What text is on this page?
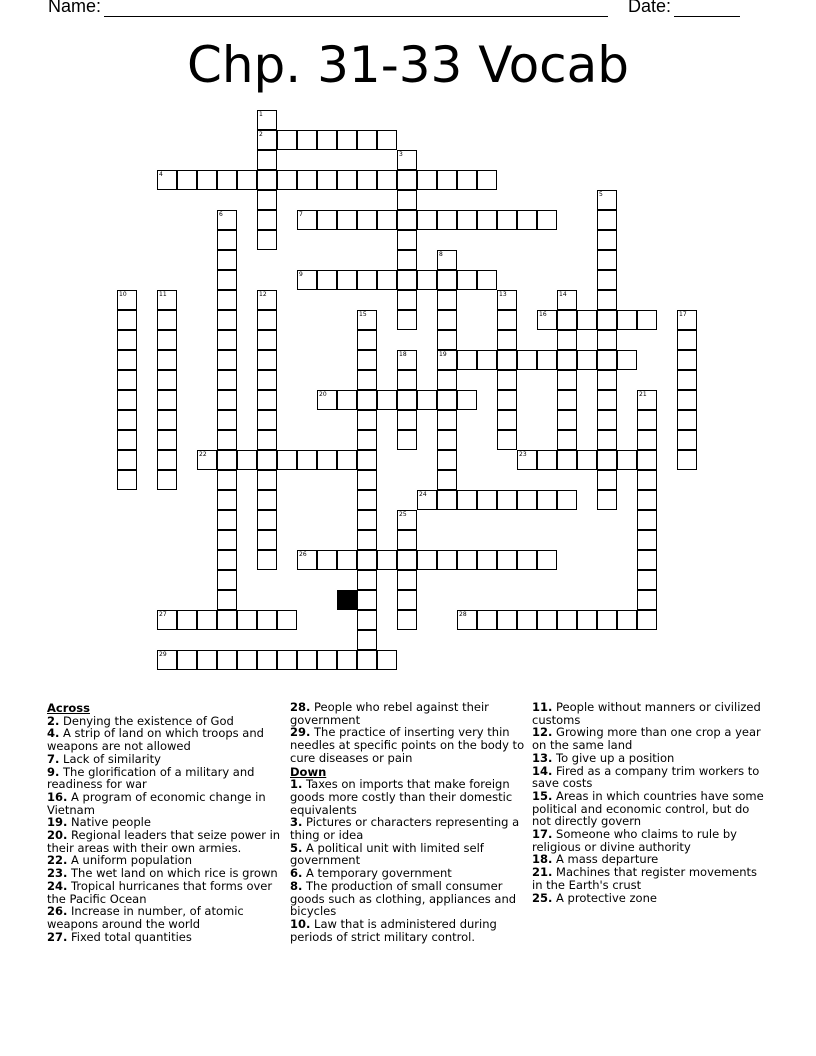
Name:	Date:
Chp. 31-33 Vocab
1
2
3
4
5
6	7
8
19
9
10	11	12	13	14
15	16	17
18
20	21
22	23
24
25
26
27	28
29
Across
2. Denying the existence of God
4. A strip of land on which troops and weapons are not allowed
7. Lack of similarity
9. The glorification of a military and readiness for war
16. A program of economic change in Vietnam
19. Native people
20. Regional leaders that seize power in their areas with their own armies.
22. A uniform population
23. The wet land on which rice is grown
24. Tropical hurricanes that forms over the Pacific Ocean
26. Increase in number, of atomic weapons around the world
27. Fixed total quantities
28. People who rebel against their government
29. The practice of inserting very thin needles at specific points on the body to cure diseases or pain
Down
1. Taxes on imports that make foreign goods more costly than their domestic equivalents
3. Pictures or characters representing a thing or idea
5. A political unit with limited self government
6. A temporary government
8. The production of small consumer goods such as clothing, appliances and bicycles
10. Law that is administered during periods of strict military control.
11. People without manners or civilized customs
12. Growing more than one crop a year on the same land
13. To give up a position
14. Fired as a company trim workers to save costs
15. Areas in which countries have some political and economic control, but do not directly govern
17. Someone who claims to rule by religious or divine authority
18. A mass departure
21. Machines that register movements in the Earth's crust
25. A protective zone
